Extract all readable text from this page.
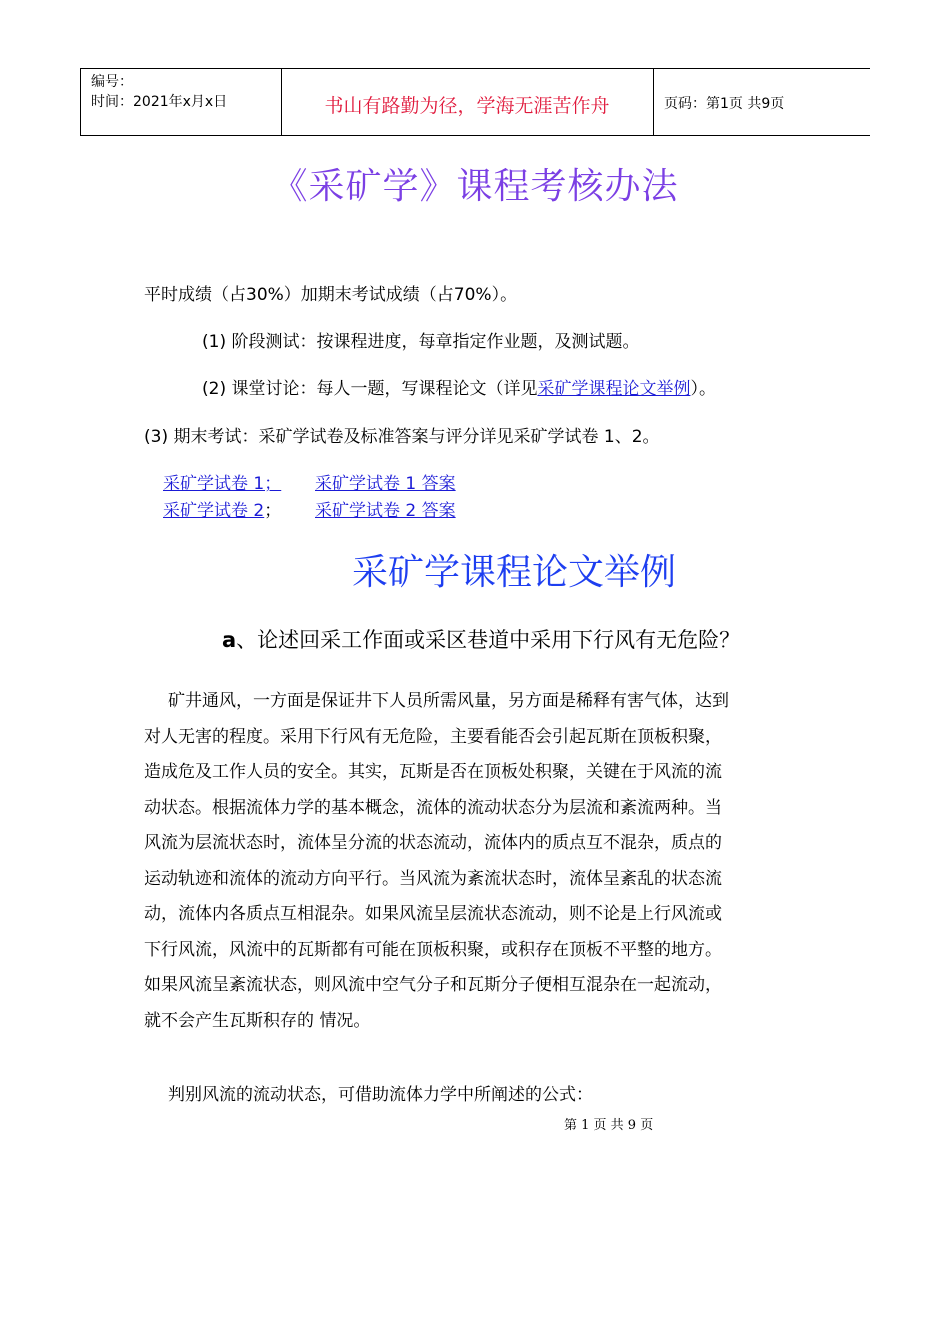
编号：
时间：2021年x月x日	书山有路勤为径，学海无涯苦作舟	页码：第1页 共9页
《采矿学》课程考核办法
平时成绩（占30%）加期末考试成绩（占70%）。
(1) 阶段测试：按课程进度，每章指定作业题，及测试题。
(2) 课堂讨论：每人一题，写课程论文（详见采矿学课程论文举例）。
(3) 期末考试：采矿学试卷及标准答案与评分详见采矿学试卷 1、2。
采矿学试卷 1； 采矿学试卷 1 答案
采矿学试卷 2； 采矿学试卷 2 答案
采矿学课程论文举例
a、论述回采工作面或采区巷道中采用下行风有无危险？
矿井通风，一方面是保证井下人员所需风量，另方面是稀释有害气体，达到
对人无害的程度。采用下行风有无危险，主要看能否会引起瓦斯在顶板积聚，
造成危及工作人员的安全。其实，瓦斯是否在顶板处积聚，关键在于风流的流
动状态。根据流体力学的基本概念，流体的流动状态分为层流和紊流两种。当
风流为层流状态时，流体呈分流的状态流动，流体内的质点互不混杂，质点的
运动轨迹和流体的流动方向平行。当风流为紊流状态时，流体呈紊乱的状态流
动，流体内各质点互相混杂。如果风流呈层流状态流动，则不论是上行风流或
下行风流，风流中的瓦斯都有可能在顶板积聚，或积存在顶板不平整的地方。
如果风流呈紊流状态，则风流中空气分子和瓦斯分子便相互混杂在一起流动，
就不会产生瓦斯积存的 情况。
判别风流的流动状态，可借助流体力学中所阐述的公式：
第 1 页 共 9 页
